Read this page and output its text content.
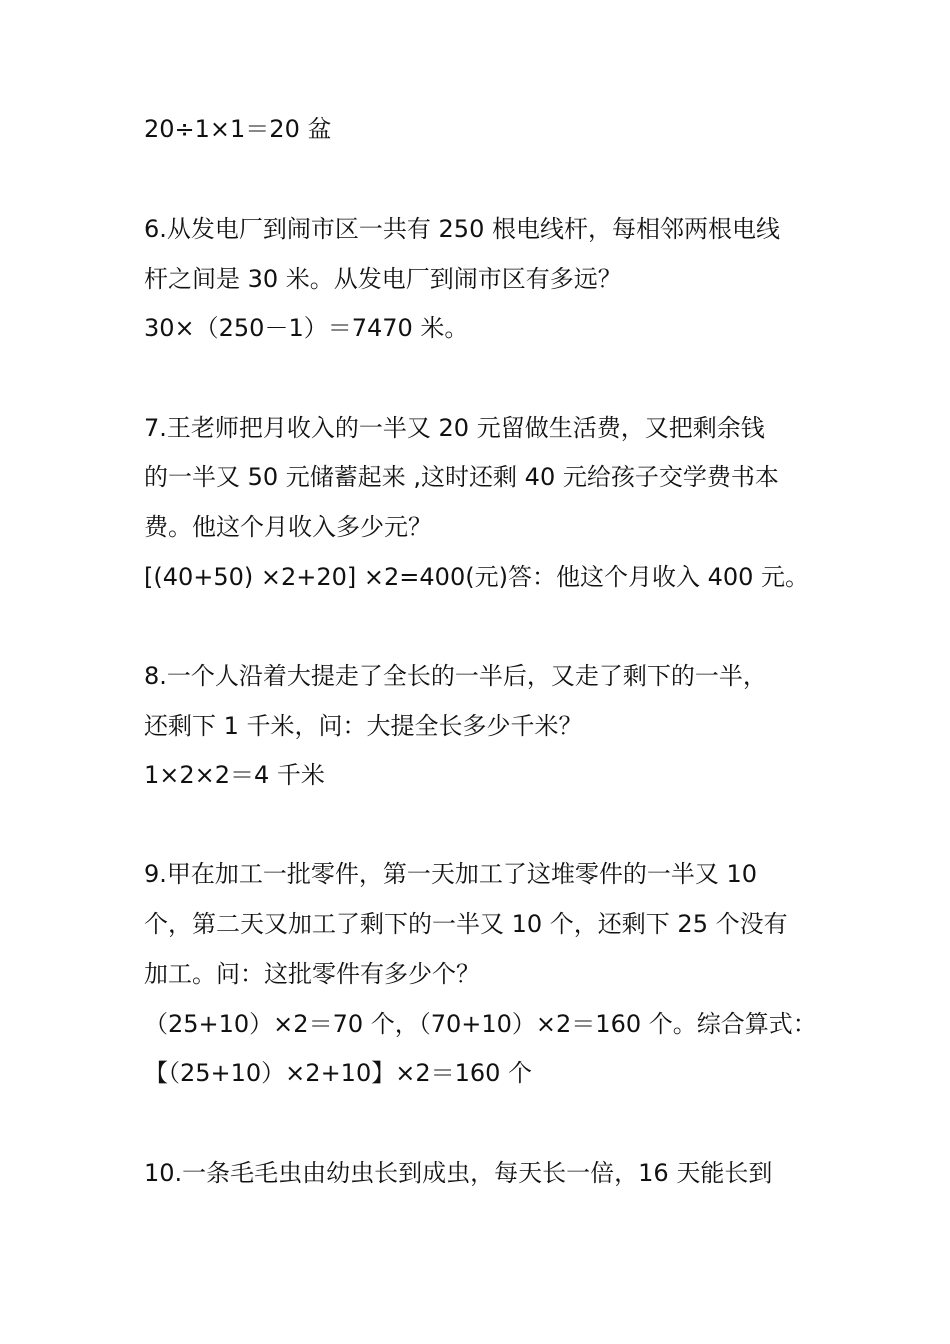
20÷1×1＝20 盆
6.从发电厂到闹市区一共有 250 根电线杆，每相邻两根电线
杆之间是 30 米。从发电厂到闹市区有多远？
30×（250－1）＝7470 米。
7.王老师把月收入的一半又 20 元留做生活费，又把剩余钱
的一半又 50 元储蓄起来 ,这时还剩 40 元给孩子交学费书本
费。他这个月收入多少元？
[(40+50) ×2+20] ×2=400(元)答：他这个月收入 400 元。
8.一个人沿着大提走了全长的一半后，又走了剩下的一半，
还剩下 1 千米，问：大提全长多少千米？
1×2×2＝4 千米
9.甲在加工一批零件，第一天加工了这堆零件的一半又 10
个，第二天又加工了剩下的一半又 10 个，还剩下 25 个没有
加工。问：这批零件有多少个？
（25+10）×2＝70 个，（70+10）×2＝160 个。综合算式：
【（25+10）×2+10】×2＝160 个
10.一条毛毛虫由幼虫长到成虫，每天长一倍，16 天能长到
